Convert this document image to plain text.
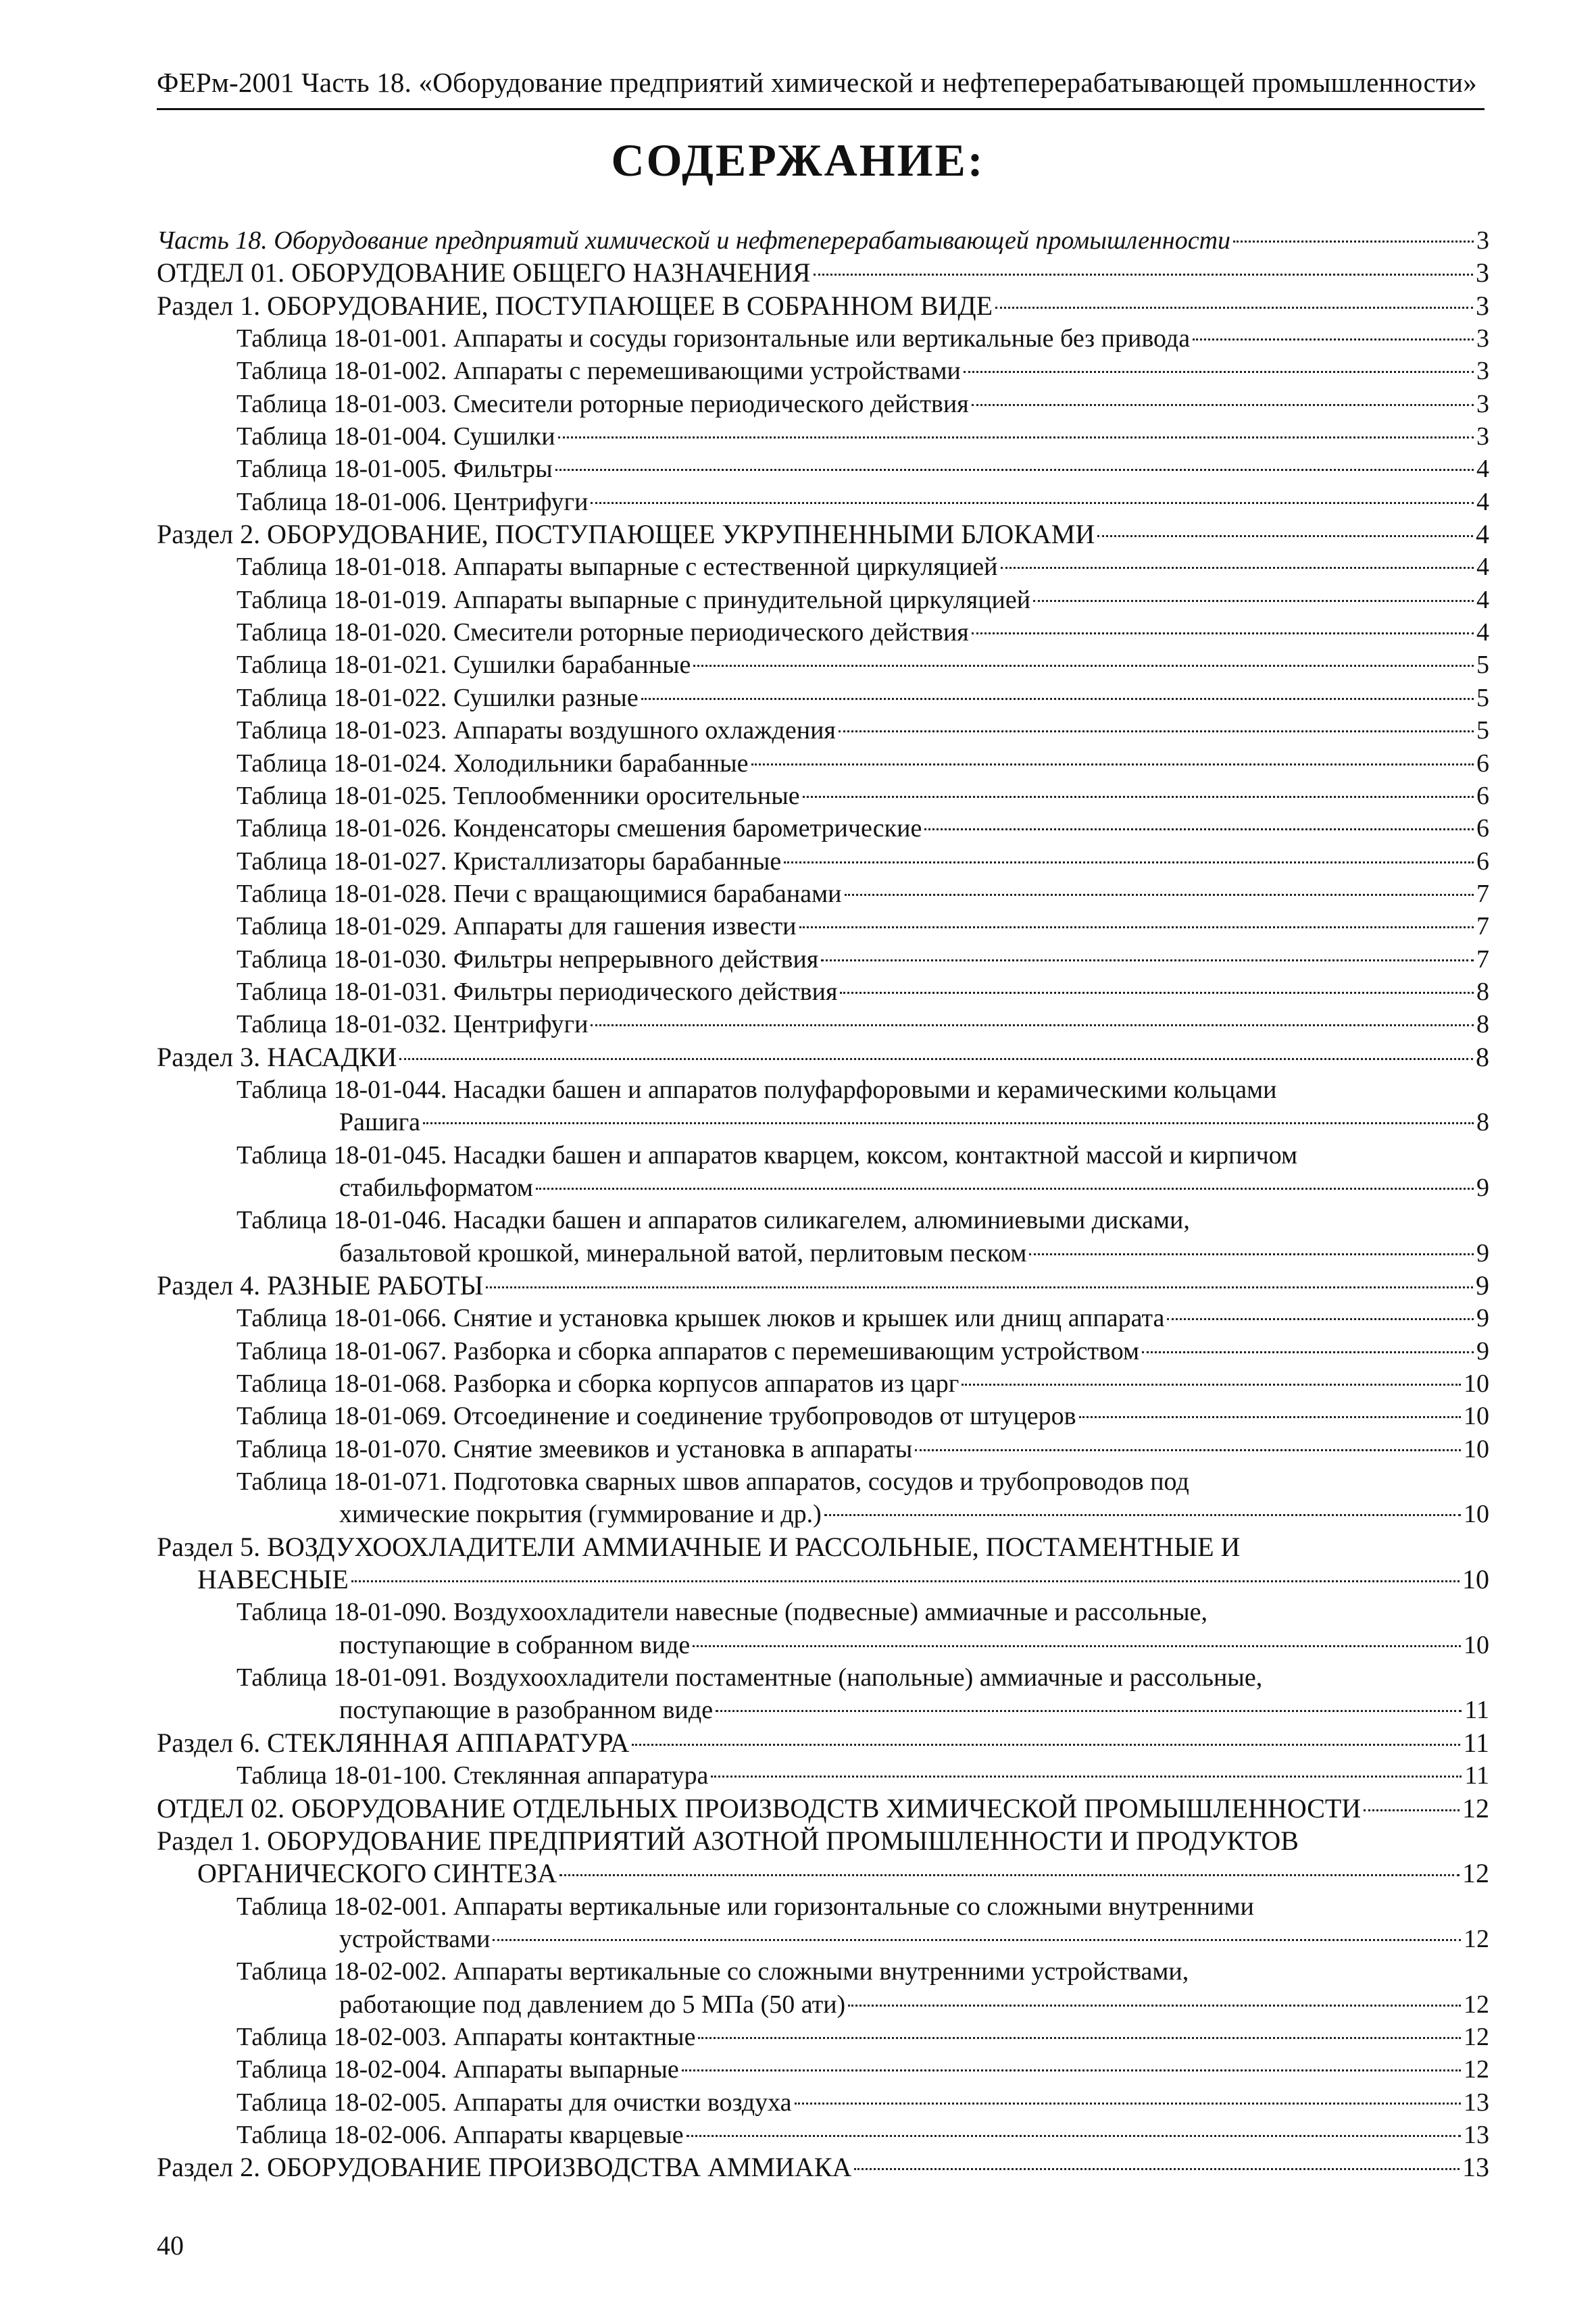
ФЕРм-2001 Часть 18. «Оборудование предприятий химической и нефтеперерабатывающей промышленности»
СОДЕРЖАНИЕ:
Часть 18. Оборудование предприятий химической и нефтеперерабатывающей промышленности	3
ОТДЕЛ 01. ОБОРУДОВАНИЕ ОБЩЕГО НАЗНАЧЕНИЯ	3
Раздел 1. ОБОРУДОВАНИЕ, ПОСТУПАЮЩЕЕ В СОБРАННОМ ВИДЕ	3
Таблица 18-01-001. Аппараты и сосуды горизонтальные или вертикальные без привода	3
Таблица 18-01-002. Аппараты с перемешивающими устройствами	3
Таблица 18-01-003. Смесители роторные периодического действия	3
Таблица 18-01-004. Сушилки	3
Таблица 18-01-005. Фильтры	4
Таблица 18-01-006. Центрифуги	4
Раздел 2. ОБОРУДОВАНИЕ, ПОСТУПАЮЩЕЕ УКРУПНЕННЫМИ БЛОКАМИ	4
Таблица 18-01-018. Аппараты выпарные с естественной циркуляцией	4
Таблица 18-01-019. Аппараты выпарные с принудительной циркуляцией	4
Таблица 18-01-020. Смесители роторные периодического действия	4
Таблица 18-01-021. Сушилки барабанные	5
Таблица 18-01-022. Сушилки разные	5
Таблица 18-01-023. Аппараты воздушного охлаждения	5
Таблица 18-01-024. Холодильники барабанные	6
Таблица 18-01-025. Теплообменники оросительные	6
Таблица 18-01-026. Конденсаторы смешения барометрические	6
Таблица 18-01-027. Кристаллизаторы барабанные	6
Таблица 18-01-028. Печи с вращающимися барабанами	7
Таблица 18-01-029. Аппараты для гашения извести	7
Таблица 18-01-030. Фильтры непрерывного действия	7
Таблица 18-01-031. Фильтры периодического действия	8
Таблица 18-01-032. Центрифуги	8
Раздел 3. НАСАДКИ	8
Таблица 18-01-044. Насадки башен и аппаратов полуфарфоровыми и керамическими кольцами
Рашига	8
Таблица 18-01-045. Насадки башен и аппаратов кварцем, коксом, контактной массой и кирпичом
стабильформатом	9
Таблица 18-01-046. Насадки башен и аппаратов силикагелем, алюминиевыми дисками,
базальтовой крошкой, минеральной ватой, перлитовым песком	9
Раздел 4. РАЗНЫЕ РАБОТЫ	9
Таблица 18-01-066. Снятие и установка крышек люков и крышек или днищ аппарата	9
Таблица 18-01-067. Разборка и сборка аппаратов с перемешивающим устройством	9
Таблица 18-01-068. Разборка и сборка корпусов аппаратов из царг	10
Таблица 18-01-069. Отсоединение и соединение трубопроводов от штуцеров	10
Таблица 18-01-070. Снятие змеевиков и установка в аппараты	10
Таблица 18-01-071. Подготовка сварных швов аппаратов, сосудов и трубопроводов под
химические покрытия (гуммирование и др.)	10
Раздел 5. ВОЗДУХООХЛАДИТЕЛИ АММИАЧНЫЕ И РАССОЛЬНЫЕ, ПОСТАМЕНТНЫЕ И
НАВЕСНЫЕ	10
Таблица 18-01-090. Воздухоохладители навесные (подвесные) аммиачные и рассольные,
поступающие в собранном виде	10
Таблица 18-01-091. Воздухоохладители постаментные (напольные) аммиачные и рассольные,
поступающие в разобранном виде	11
Раздел 6. СТЕКЛЯННАЯ АППАРАТУРА	11
Таблица 18-01-100. Стеклянная аппаратура	11
ОТДЕЛ 02. ОБОРУДОВАНИЕ ОТДЕЛЬНЫХ ПРОИЗВОДСТВ ХИМИЧЕСКОЙ ПРОМЫШЛЕННОСТИ	12
Раздел 1. ОБОРУДОВАНИЕ ПРЕДПРИЯТИЙ АЗОТНОЙ ПРОМЫШЛЕННОСТИ И ПРОДУКТОВ
ОРГАНИЧЕСКОГО СИНТЕЗА	12
Таблица 18-02-001. Аппараты вертикальные или горизонтальные со сложными внутренними
устройствами	12
Таблица 18-02-002. Аппараты вертикальные со сложными внутренними устройствами,
работающие под давлением до 5 МПа (50 ати)	12
Таблица 18-02-003. Аппараты контактные	12
Таблица 18-02-004. Аппараты выпарные	12
Таблица 18-02-005. Аппараты для очистки воздуха	13
Таблица 18-02-006. Аппараты кварцевые	13
Раздел 2. ОБОРУДОВАНИЕ ПРОИЗВОДСТВА АММИАКА	13
40
